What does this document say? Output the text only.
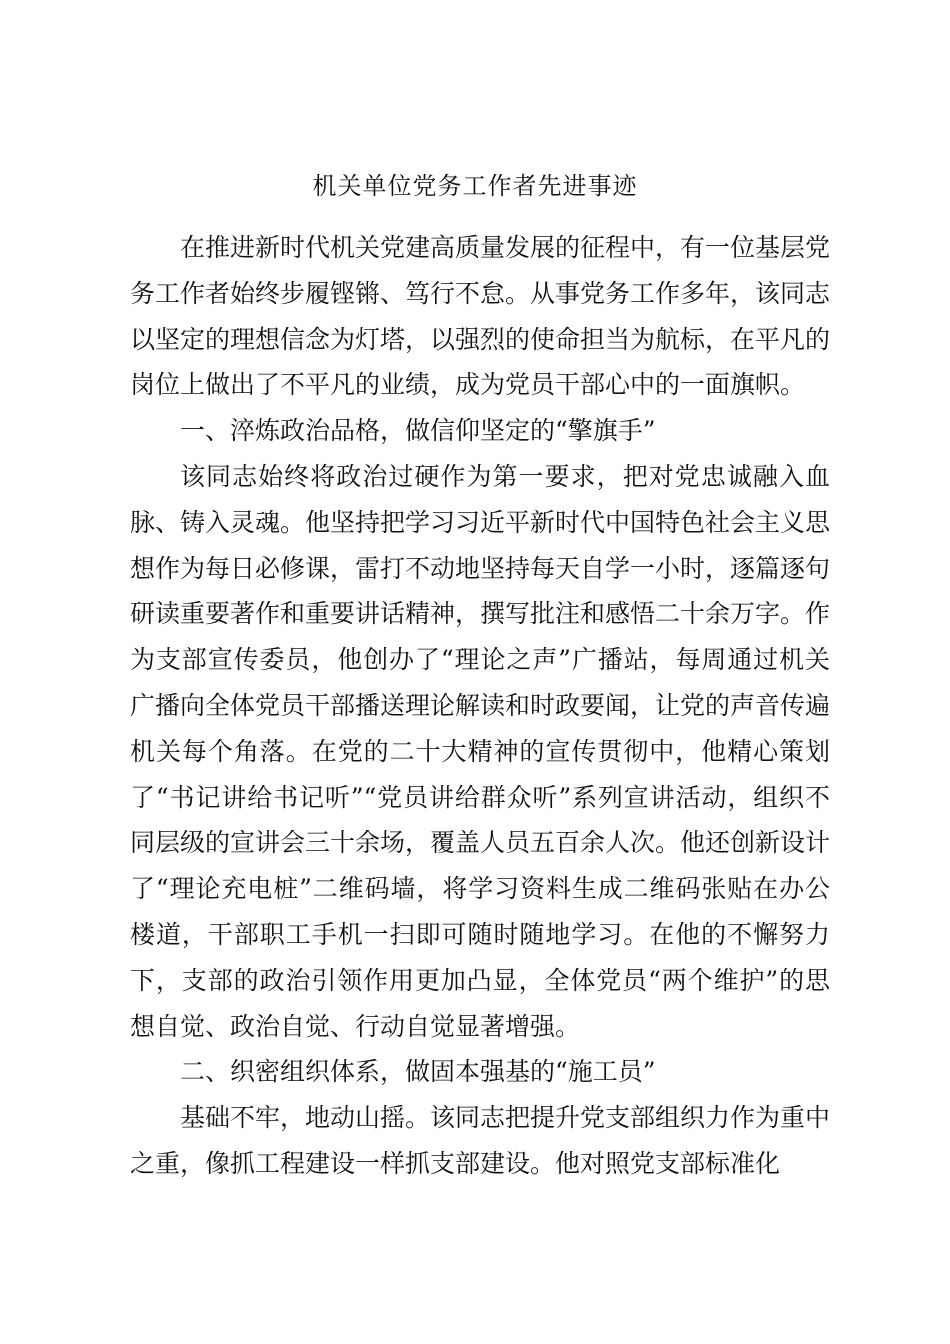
机关单位党务工作者先进事迹

在推进新时代机关党建高质量发展的征程中，有一位基层党务工作者始终步履铿锵、笃行不怠。从事党务工作多年，该同志以坚定的理想信念为灯塔，以强烈的使命担当为航标，在平凡的岗位上做出了不平凡的业绩，成为党员干部心中的一面旗帜。

一、淬炼政治品格，做信仰坚定的“擎旗手”

该同志始终将政治过硬作为第一要求，把对党忠诚融入血脉、铸入灵魂。他坚持把学习习近平新时代中国特色社会主义思想作为每日必修课，雷打不动地坚持每天自学一小时，逐篇逐句研读重要著作和重要讲话精神，撰写批注和感悟二十余万字。作为支部宣传委员，他创办了“理论之声”广播站，每周通过机关广播向全体党员干部播送理论解读和时政要闻，让党的声音传遍机关每个角落。在党的二十大精神的宣传贯彻中，他精心策划了“书记讲给书记听”“党员讲给群众听”系列宣讲活动，组织不同层级的宣讲会三十余场，覆盖人员五百余人次。他还创新设计了“理论充电桩”二维码墙，将学习资料生成二维码张贴在办公楼道，干部职工手机一扫即可随时随地学习。在他的不懈努力下，支部的政治引领作用更加凸显，全体党员“两个维护”的思想自觉、政治自觉、行动自觉显著增强。

二、织密组织体系，做固本强基的“施工员”

基础不牢，地动山摇。该同志把提升党支部组织力作为重中之重，像抓工程建设一样抓支部建设。他对照党支部标准化
